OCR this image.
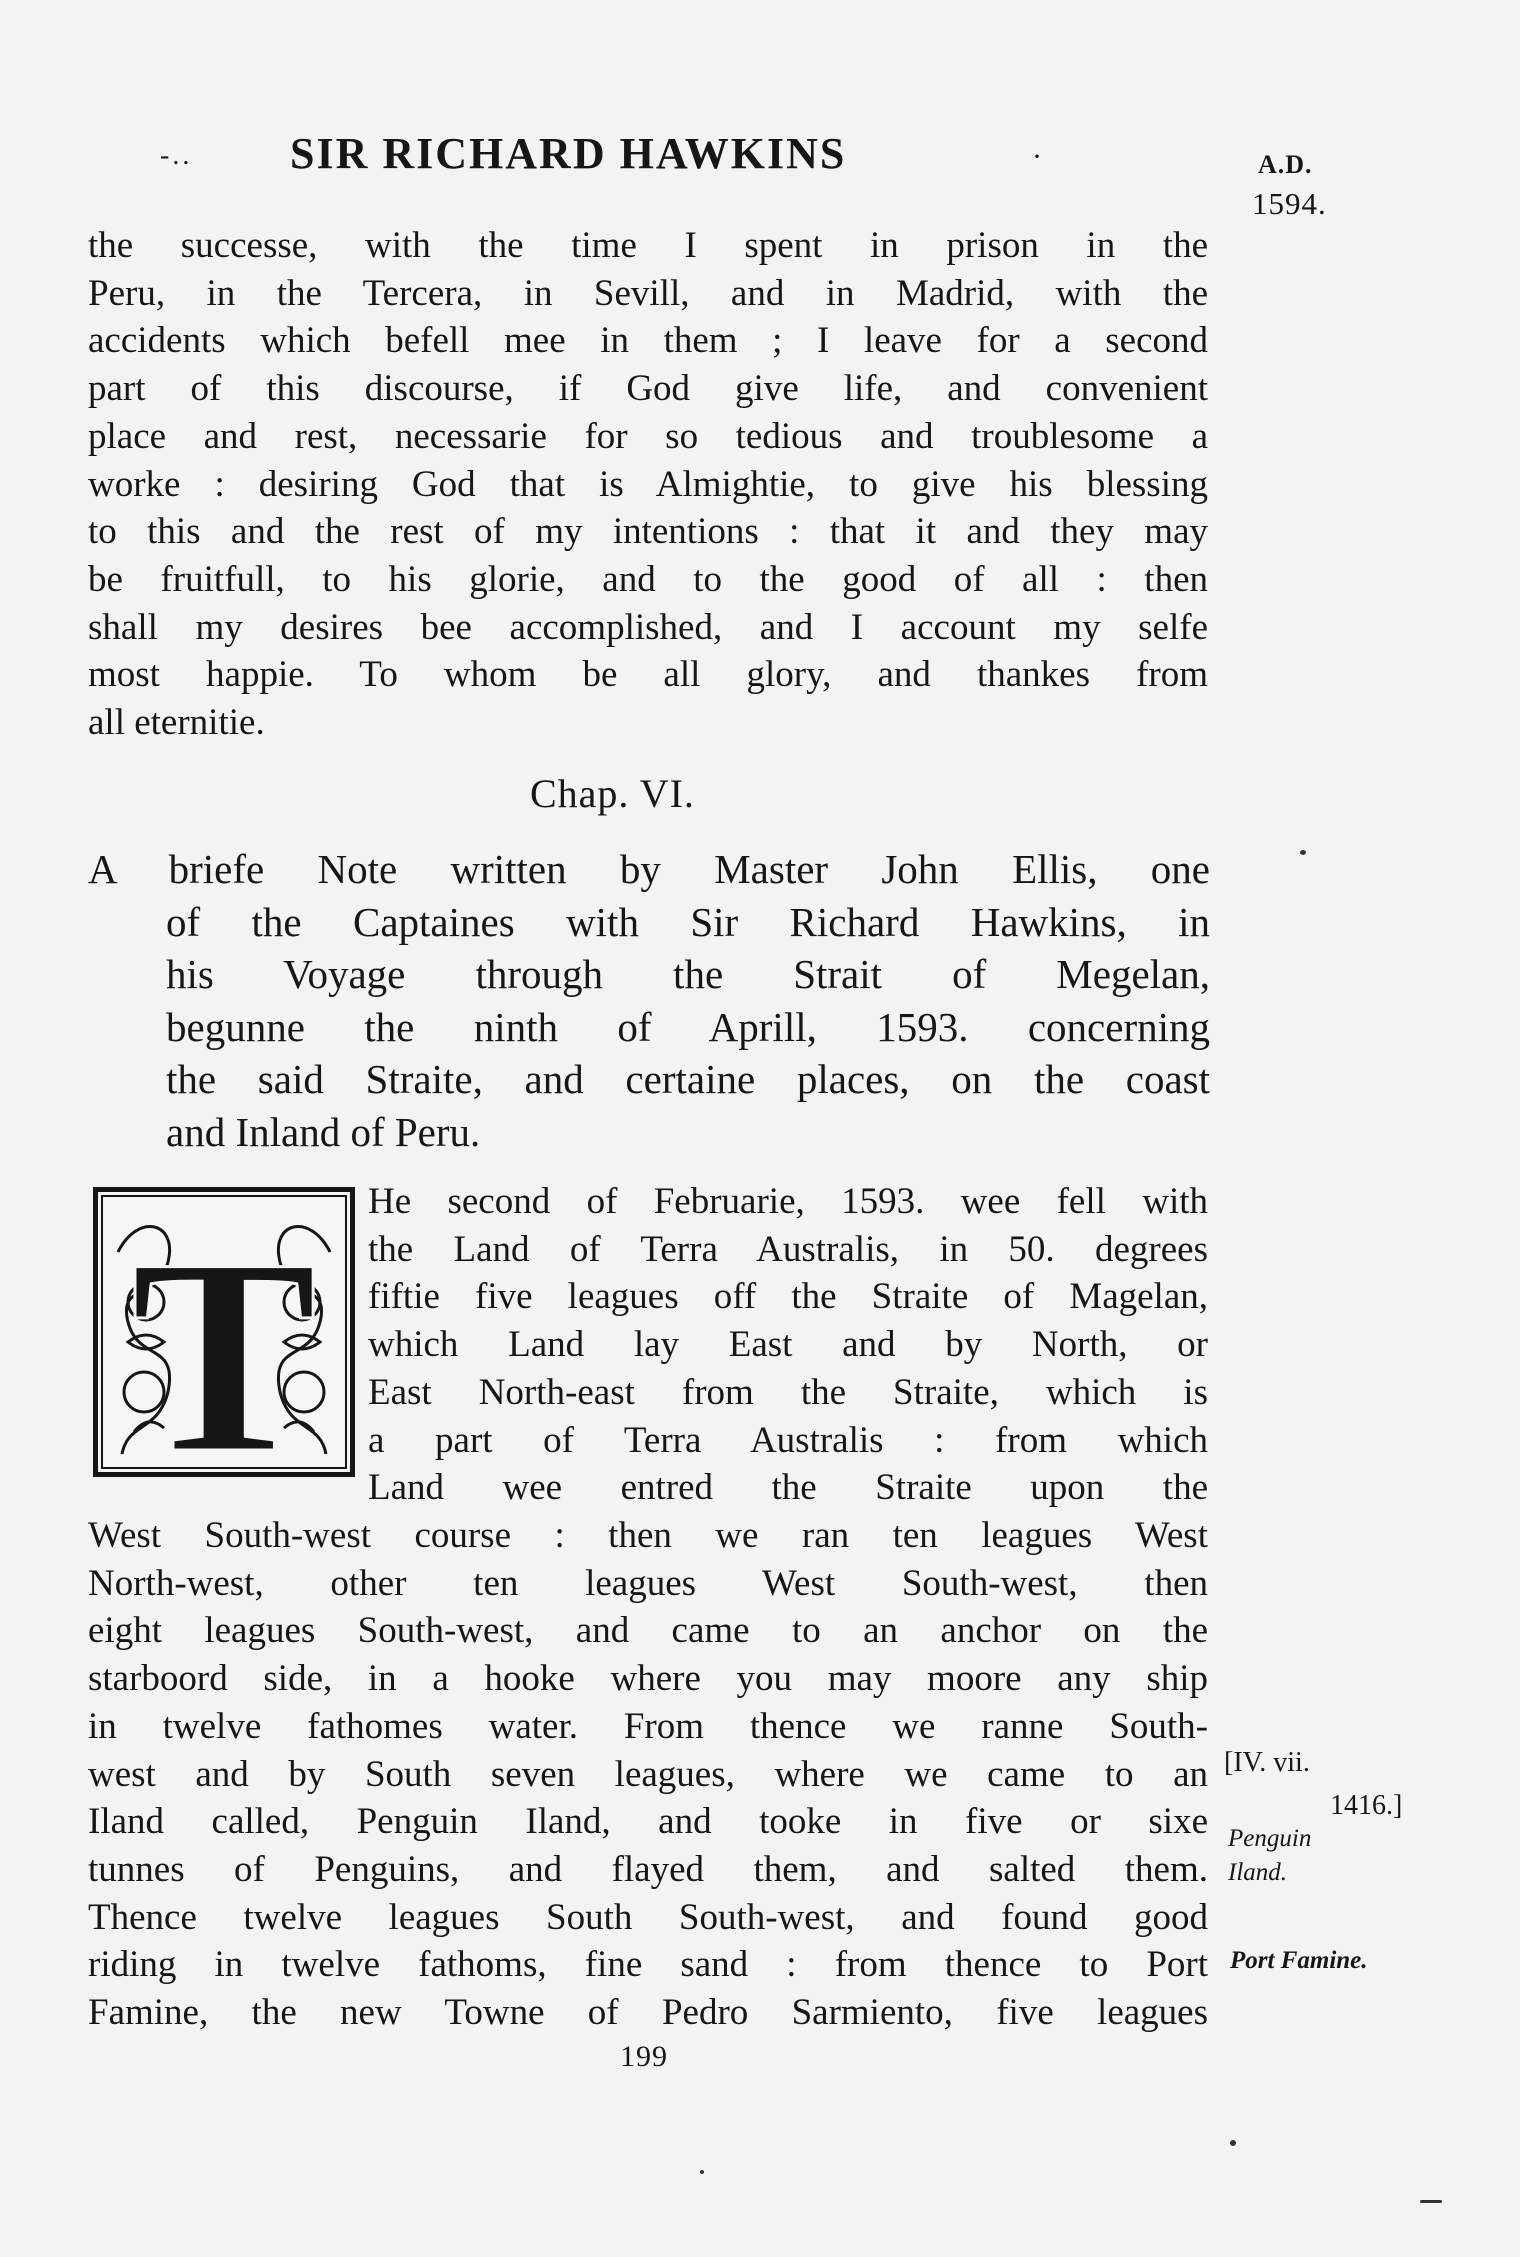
-.. SIR RICHARD HAWKINS	·	A.D.
1594.
the successe, with the time I spent in prison in the
Peru, in the Tercera, in Sevill, and in Madrid, with the
accidents which befell mee in them ; I leave for a second
part of this discourse, if God give life, and convenient
place and rest, necessarie for so tedious and troublesome a
worke : desiring God that is Almightie, to give his blessing
to this and the rest of my intentions : that it and they may
be fruitfull, to his glorie, and to the good of all : then
shall my desires bee accomplished, and I account my selfe
most happie. To whom be all glory, and thankes from
all eternitie.
Chap. VI.
A briefe Note written by Master John Ellis, one
of the Captaines with Sir Richard Hawkins, in
his Voyage through the Strait of Megelan,
begunne the ninth of Aprill, 1593. concerning
the said Straite, and certaine places, on the coast
and Inland of Peru.
T He second of Februarie, 1593. wee fell with
the Land of Terra Australis, in 50. degrees
fiftie five leagues off the Straite of Magelan,
which Land lay East and by North, or
East North-east from the Straite, which is
a part of Terra Australis : from which
Land wee entred the Straite upon the
West South-west course : then we ran ten leagues West
North-west, other ten leagues West South-west, then
eight leagues South-west, and came to an anchor on the
starboord side, in a hooke where you may moore any ship
in twelve fathomes water. From thence we ranne South-
west and by South seven leagues, where we came to an
Iland called, Penguin Iland, and tooke in five or sixe
tunnes of Penguins, and flayed them, and salted them.
Thence twelve leagues South South-west, and found good
riding in twelve fathoms, fine sand : from thence to Port
Famine, the new Towne of Pedro Sarmiento, five leagues
[IV. vii.
1416.]
Penguin
Iland.
Port Famine.
199
